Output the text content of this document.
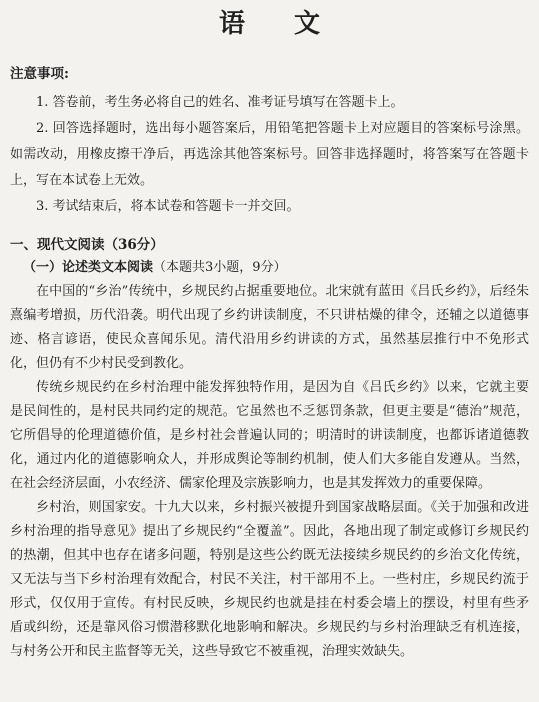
语 文
注意事项:

1. 答卷前，考生务必将自己的姓名、准考证号填写在答题卡上。

2. 回答选择题时，选出每小题答案后，用铅笔把答题卡上对应题目的答案标号涂黑。如需改动，用橡皮擦干净后，再选涂其他答案标号。回答非选择题时，将答案写在答题卡上，写在本试卷上无效。

3. 考试结束后，将本试卷和答题卡一并交回。

一、现代文阅读（36分）
（一）论述类文本阅读（本题共3小题，9分）

在中国的“乡治”传统中，乡规民约占据重要地位。北宋就有蓝田《吕氏乡约》，后经朱熹编考增损，历代沿袭。明代出现了乡约讲读制度，不只讲枯燥的律令，还辅之以道德事迹、格言谚语，使民众喜闻乐见。清代沿用乡约讲读的方式，虽然基层推行中不免形式化，但仍有不少村民受到教化。

传统乡规民约在乡村治理中能发挥独特作用，是因为自《吕氏乡约》以来，它就主要是民间性的，是村民共同约定的规范。它虽然也不乏惩罚条款，但更主要是“德治”规范，它所倡导的伦理道德价值，是乡村社会普遍认同的；明清时的讲读制度，也都诉诸道德教化，通过内化的道德影响众人，并形成舆论等制约机制，使人们大多能自发遵从。当然，在社会经济层面，小农经济、儒家伦理及宗族影响力，也是其发挥效力的重要保障。

乡村治，则国家安。十九大以来，乡村振兴被提升到国家战略层面。《关于加强和改进乡村治理的指导意见》提出了乡规民约“全覆盖”。因此，各地出现了制定或修订乡规民约的热潮，但其中也存在诸多问题，特别是这些公约既无法接续乡规民约的乡治文化传统，又无法与当下乡村治理有效配合，村民不关注，村干部用不上。一些村庄，乡规民约流于形式，仅仅用于宣传。有村民反映，乡规民约也就是挂在村委会墙上的摆设，村里有些矛盾或纠纷，还是靠风俗习惯潜移默化地影响和解决。乡规民约与乡村治理缺乏有机连接，与村务公开和民主监督等无关，这些导致它不被重视，治理实效缺失。
